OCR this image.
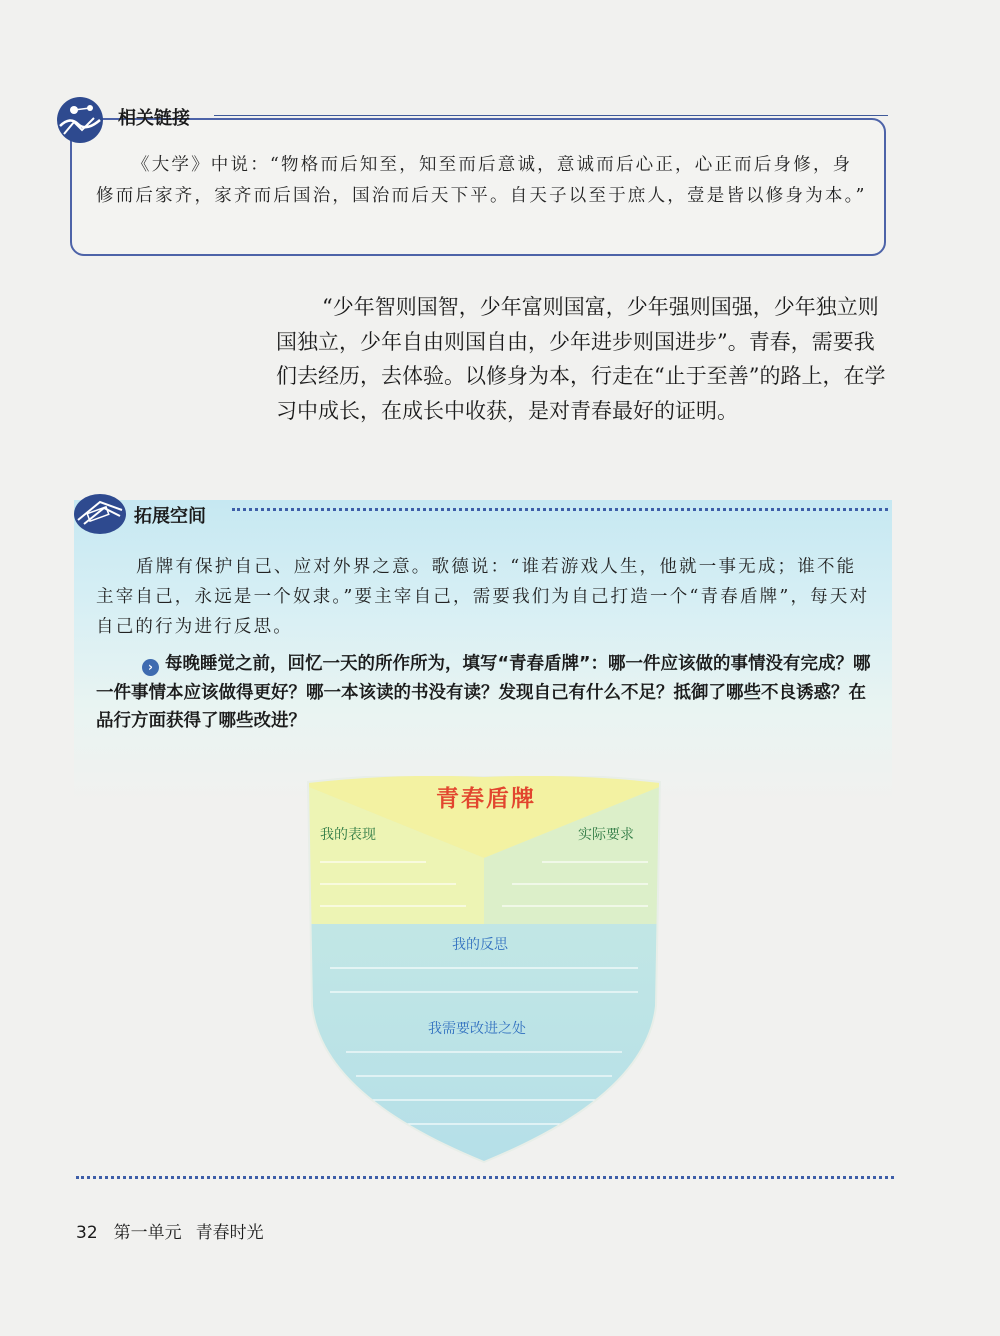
相关链接
《大学》中说：“物格而后知至，知至而后意诚，意诚而后心正，心正而后身修，身修而后家齐，家齐而后国治，国治而后天下平。自天子以至于庶人，壹是皆以修身为本。”
“少年智则国智，少年富则国富，少年强则国强，少年独立则国独立，少年自由则国自由，少年进步则国进步”。青春，需要我们去经历，去体验。以修身为本，行走在“止于至善”的路上，在学习中成长，在成长中收获，是对青春最好的证明。
拓展空间
盾牌有保护自己、应对外界之意。歌德说：“谁若游戏人生，他就一事无成；谁不能主宰自己，永远是一个奴隶。”要主宰自己，需要我们为自己打造一个“青春盾牌”，每天对自己的行为进行反思。
› 每晚睡觉之前，回忆一天的所作所为，填写“青春盾牌”：哪一件应该做的事情没有完成？哪一件事情本应该做得更好？哪一本该读的书没有读？发现自己有什么不足？抵御了哪些不良诱惑？在品行方面获得了哪些改进？
青春盾牌
我的表现	实际要求
我的反思
我需要改进之处
32 第一单元 青春时光
